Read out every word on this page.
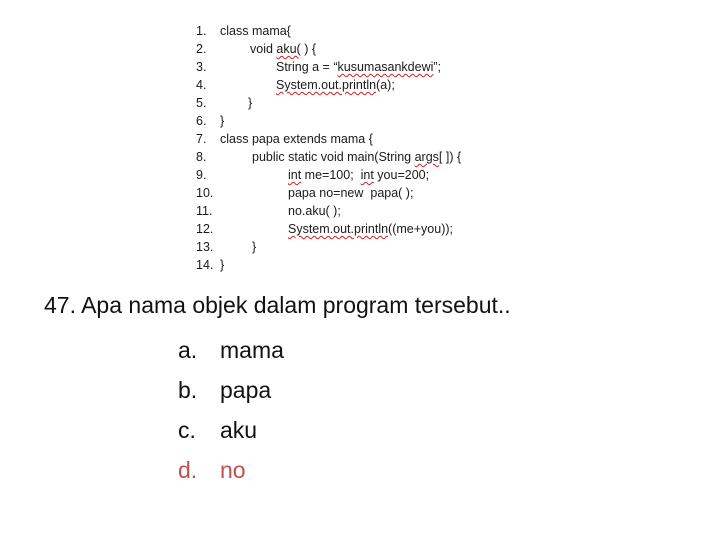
1.	class mama{
2.	void aku( ) {
3.	String a = “kusumasankdewi”;
4.	System.out.println(a);
5.	}
6.	}
7.	class papa extends mama {
8.	public static void main(String args[ ]) {
9.	int me=100;  int you=200;
10.	papa no=new  papa( );
11.	no.aku( );
12.	System.out.println((me+you));
13.	}
14. }
47. Apa nama objek dalam program tersebut..
a. mama
b. papa
c.	aku
d. no
